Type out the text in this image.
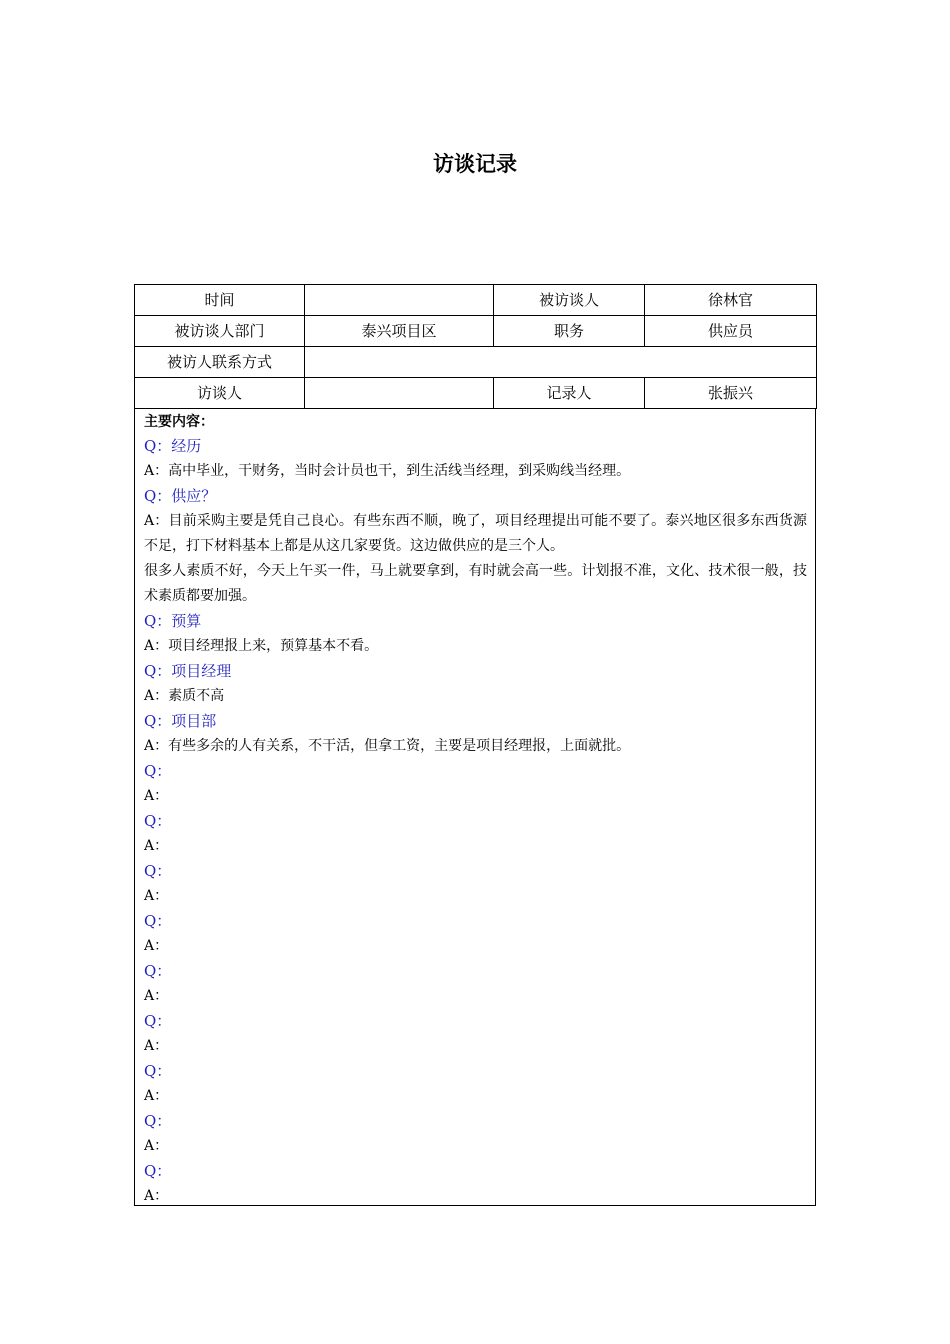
访谈记录
时间		被访谈人	徐林官
被访谈人部门	泰兴项目区	职务	供应员
被访人联系方式			
访谈人		记录人	张振兴
主要内容：
Q：经历
A：高中毕业，干财务，当时会计员也干，到生活线当经理，到采购线当经理。
Q：供应？
A：目前采购主要是凭自己良心。有些东西不顺，晚了，项目经理提出可能不要了。泰兴地区很多东西货源不足，打下材料基本上都是从这几家要货。这边做供应的是三个人。
很多人素质不好，今天上午买一件，马上就要拿到，有时就会高一些。计划报不准，文化、技术很一般，技术素质都要加强。
Q：预算
A：项目经理报上来，预算基本不看。
Q：项目经理
A：素质不高
Q：项目部
A：有些多余的人有关系，不干活，但拿工资，主要是项目经理报，上面就批。
Q：
A：
Q：
A：
Q：
A：
Q：
A：
Q：
A：
Q：
A：
Q：
A：
Q：
A：
Q：
A：
